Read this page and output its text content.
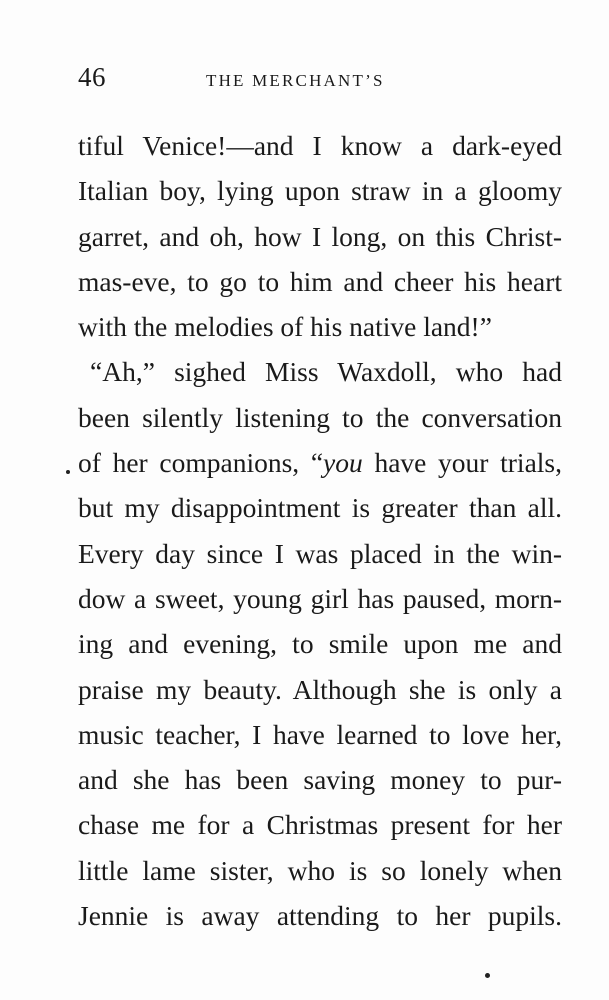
46	THE MERCHANT’S
tiful Venice!—and I know a dark-eyed
Italian boy, lying upon straw in a gloomy
garret, and oh, how I long, on this Christ-
mas-eve, to go to him and cheer his heart
with the melodies of his native land!”
“Ah,” sighed Miss Waxdoll, who had
been silently listening to the conversation
of her companions, “you have your trials,
but my disappointment is greater than all.
Every day since I was placed in the win-
dow a sweet, young girl has paused, morn-
ing and evening, to smile upon me and
praise my beauty. Although she is only a
music teacher, I have learned to love her,
and she has been saving money to pur-
chase me for a Christmas present for her
little lame sister, who is so lonely when
Jennie is away attending to her pupils.
